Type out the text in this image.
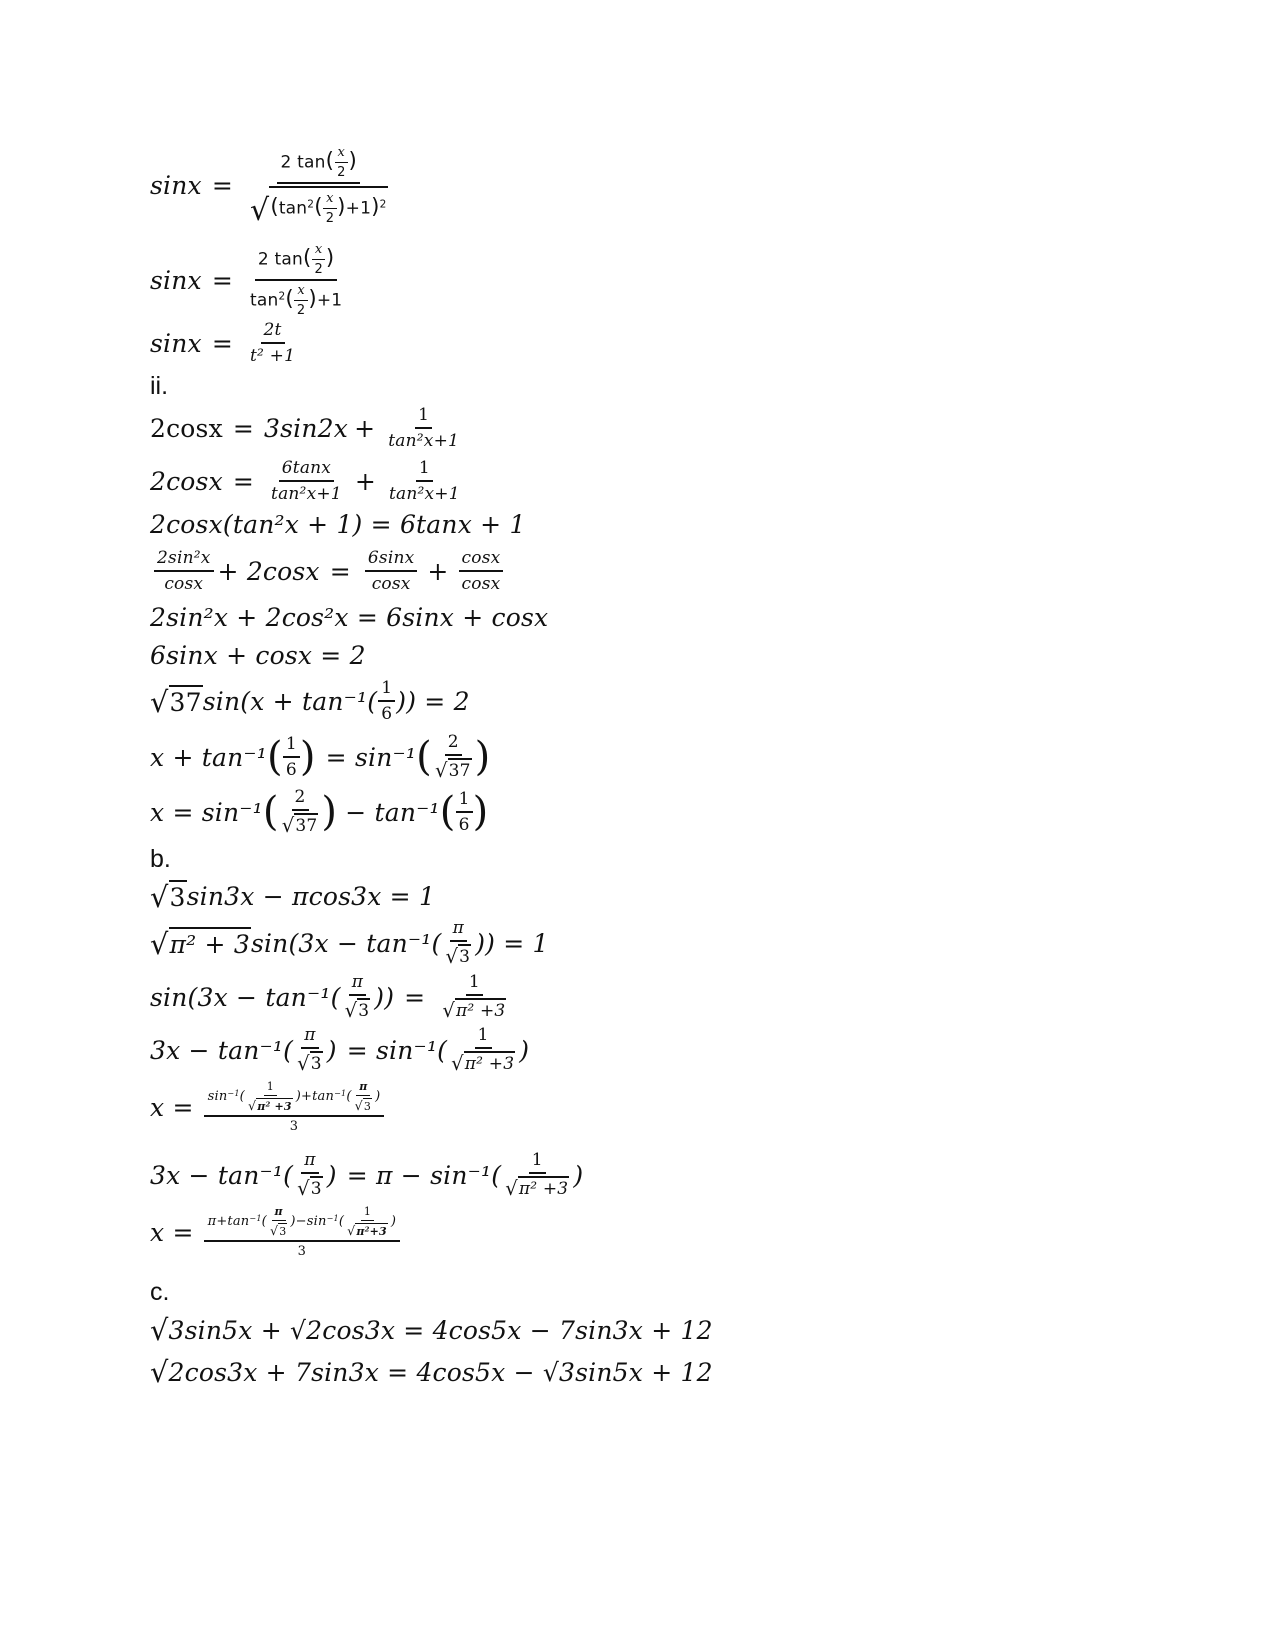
$\sin x = \frac{2 \tan( \frac{x}{2} )}{√ (\tan^2( \frac{x}{2} )+1)^2}$
$\sin x = \frac{2 \tan( \frac{x}{2} )}{\tan^2( \frac{x}{2} )+1}$
$\sin x = \frac{2t}{\text{t² +1}}$
ii.
$2\cos x = 3\sin 2x + \frac{1}{\text{tan²x+1}}$
$2\cos x = \frac{6\tan x}{\text{tan²x+1}} + \frac{1}{\text{tan²x+1}}$
2cosx(tan²x + 1) = 6tanx + 1
$\frac{\text{2sin²x}}{\cos x} + 2\cos x = \frac{6\sin x}{\cos x} + \frac{\cos x}{\cos x}$
2sin²x + 2cos²x = 6sinx + cosx
6sinx + cosx = 2
√ 37 $\sin(x + \tan^{-1}( \frac{1}{6}$ )) = 2
x + tan⁻¹ ( $\frac{1}{6}$ ) = sin⁻¹ ( $\frac{2}{√ 37}$ )
x = sin⁻¹ ( $\frac{2}{√ 37}$ ) − tan⁻¹ ( $\frac{1}{6}$ )
b.
√ 3 sin3x − πcos3x = 1
√ π² + 3 $\sin(3x - \tan^{-1}( \frac{\pi}{√ 3}$ )) = 1
$\sin(3x - \tan^{-1}( \frac{\pi}{√ 3}$ )) = $\frac{1}{\text{√ π² +3}}$
$3x - \tan^{-1}( \frac{\pi}{√ 3}$ ) = $\sin^{-1}( \frac{1}{\text{√ π² +3}}$ )
$x = \frac{\sin^{-1}( \frac{1}{√ \pi^2 +3} )+\tan^{-1}( \frac{\pi}{√ 3} )}{3}$
$3x - \tan^{-1}( \frac{\pi}{√ 3}$ ) = $\pi - \sin^{-1}( \frac{1}{\text{√ π² +3}}$ )
$x = \frac{\pi+\tan^{-1}( \frac{\pi}{√ 3} )-\sin^{-1}( \frac{1}{√ \pi^2+3} )}{3}$
c.
√ 3sin5x + √2cos3x = 4cos5x − 7sin3x + 12
√ 2cos3x + 7sin3x = 4cos5x − √3sin5x + 12
